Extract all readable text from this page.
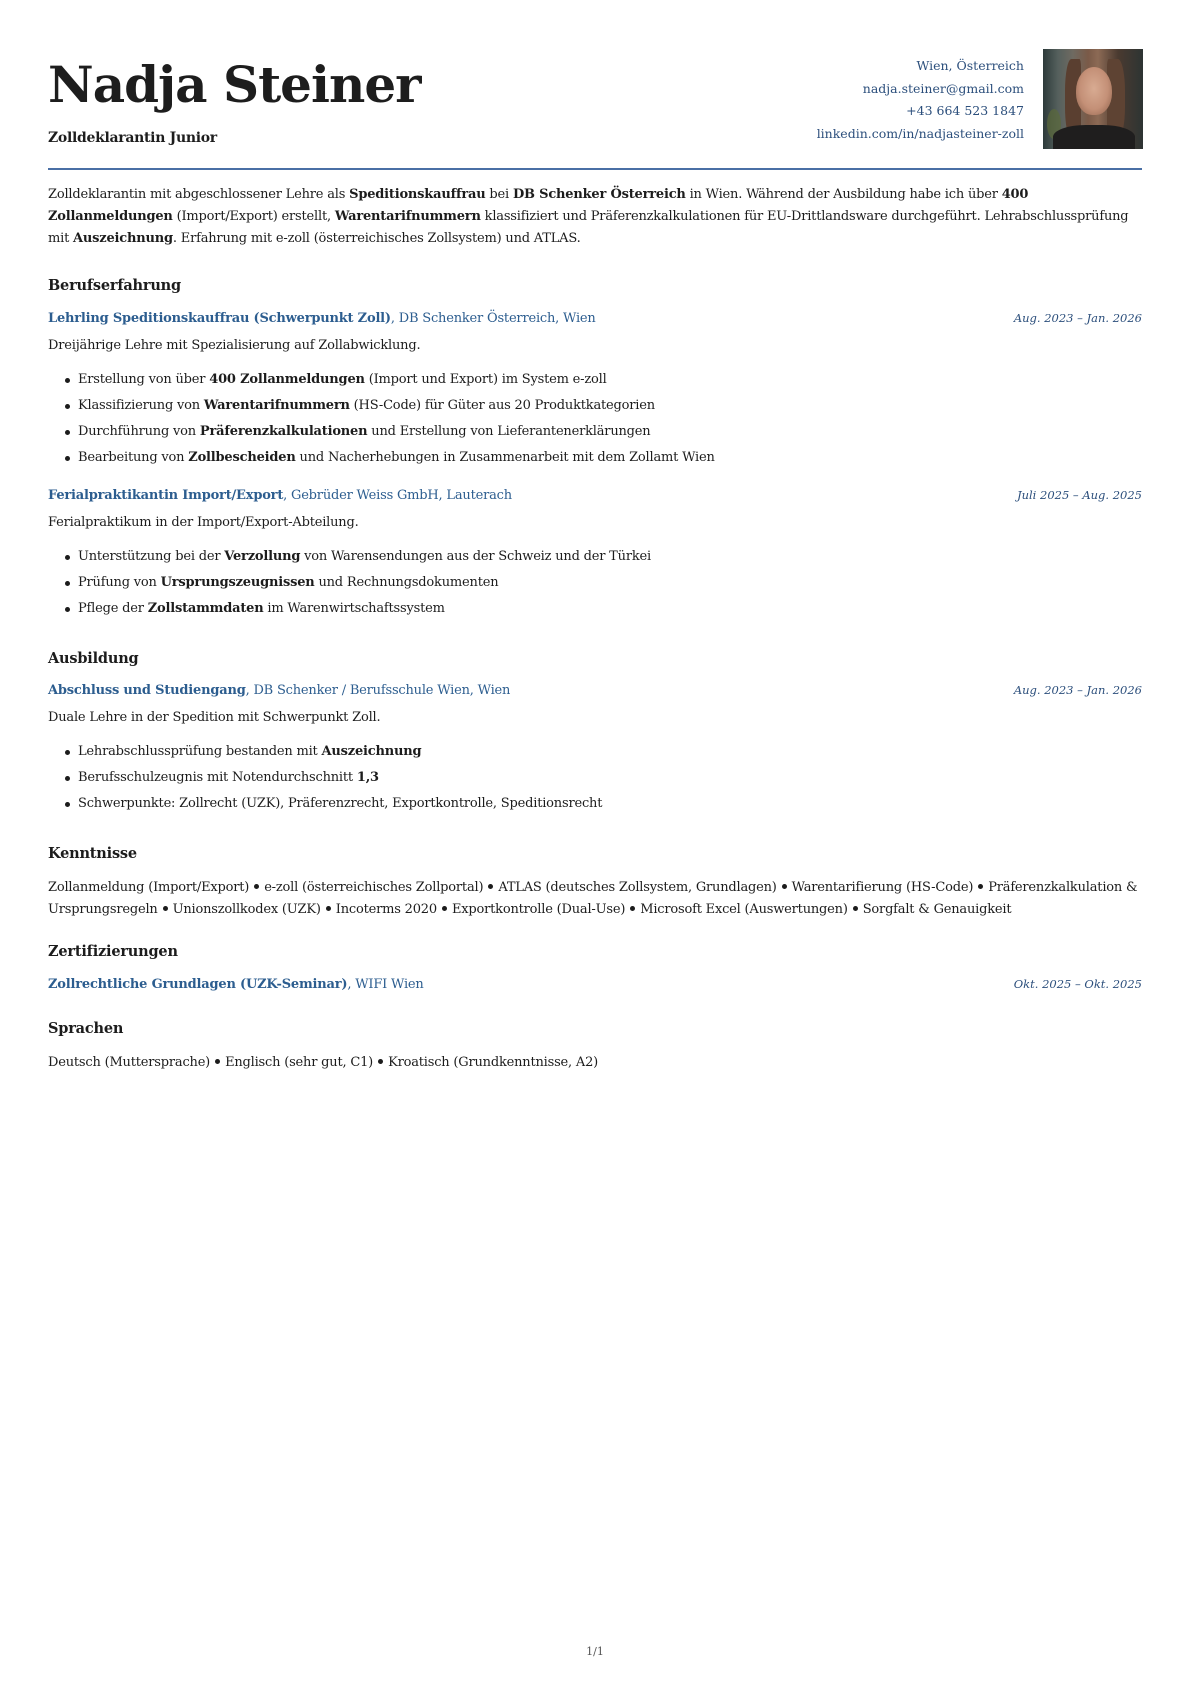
Nadja Steiner
Zolldeklarantin Junior
Wien, Österreich
nadja.steiner@gmail.com
+43 664 523 1847
linkedin.com/in/nadjasteiner-zoll
Zolldeklarantin mit abgeschlossener Lehre als Speditionskauffrau bei DB Schenker Österreich in Wien. Während der Ausbildung habe ich über 400 Zollanmeldungen (Import/Export) erstellt, Warentarifnummern klassifiziert und Präferenzkalkulationen für EU-Drittlandsware durchgeführt. Lehrabschlussprüfung mit Auszeichnung. Erfahrung mit e-zoll (österreichisches Zollsystem) und ATLAS.
Berufserfahrung
Lehrling Speditionskauffrau (Schwerpunkt Zoll), DB Schenker Österreich, Wien	Aug. 2023 – Jan. 2026
Dreijährige Lehre mit Spezialisierung auf Zollabwicklung.
Erstellung von über 400 Zollanmeldungen (Import und Export) im System e-zoll
Klassifizierung von Warentarifnummern (HS-Code) für Güter aus 20 Produktkategorien
Durchführung von Präferenzkalkulationen und Erstellung von Lieferantenerklärungen
Bearbeitung von Zollbescheiden und Nacherhebungen in Zusammenarbeit mit dem Zollamt Wien
Ferialpraktikantin Import/Export, Gebrüder Weiss GmbH, Lauterach	Juli 2025 – Aug. 2025
Ferialpraktikum in der Import/Export-Abteilung.
Unterstützung bei der Verzollung von Warensendungen aus der Schweiz und der Türkei
Prüfung von Ursprungszeugnissen und Rechnungsdokumenten
Pflege der Zollstammdaten im Warenwirtschaftssystem
Ausbildung
Abschluss und Studiengang, DB Schenker / Berufsschule Wien, Wien	Aug. 2023 – Jan. 2026
Duale Lehre in der Spedition mit Schwerpunkt Zoll.
Lehrabschlussprüfung bestanden mit Auszeichnung
Berufsschulzeugnis mit Notendurchschnitt 1,3
Schwerpunkte: Zollrecht (UZK), Präferenzrecht, Exportkontrolle, Speditionsrecht
Kenntnisse
Zollanmeldung (Import/Export) e-zoll (österreichisches Zollportal) ATLAS (deutsches Zollsystem, Grundlagen) Warentarifierung (HS-Code) Präferenzkalkulation & Ursprungsregeln Unionszollkodex (UZK) Incoterms 2020 Exportkontrolle (Dual-Use) Microsoft Excel (Auswertungen) Sorgfalt & Genauigkeit
Zertifizierungen
Zollrechtliche Grundlagen (UZK-Seminar), WIFI Wien	Okt. 2025 – Okt. 2025
Sprachen
Deutsch (Muttersprache) Englisch (sehr gut, C1) Kroatisch (Grundkenntnisse, A2)
1/1
